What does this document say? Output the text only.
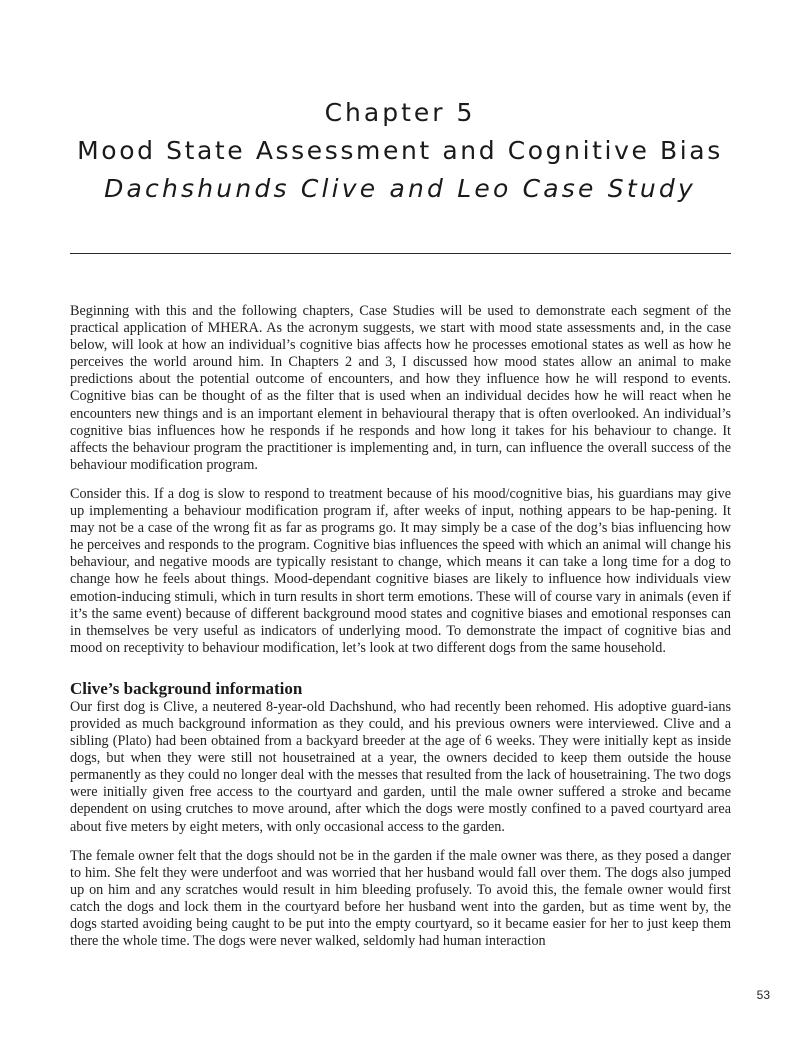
Chapter 5
Mood State Assessment and Cognitive Bias
Dachshunds Clive and Leo Case Study

Beginning with this and the following chapters, Case Studies will be used to demonstrate each segment of the practical application of MHERA. As the acronym suggests, we start with mood state assessments and, in the case below, will look at how an individual’s cognitive bias affects how he processes emotional states as well as how he perceives the world around him. In Chapters 2 and 3, I discussed how mood states allow an animal to make predictions about the potential outcome of encounters, and how they influence how he will respond to events. Cognitive bias can be thought of as the filter that is used when an individual decides how he will react when he encounters new things and is an important element in behavioural therapy that is often overlooked. An individual’s cognitive bias influences how he responds if he responds and how long it takes for his behaviour to change. It affects the behaviour program the practitioner is implementing and, in turn, can influence the overall success of the behaviour modification program.

Consider this. If a dog is slow to respond to treatment because of his mood/cognitive bias, his guardians may give up implementing a behaviour modification program if, after weeks of input, nothing appears to be hap-pening. It may not be a case of the wrong fit as far as programs go. It may simply be a case of the dog’s bias influencing how he perceives and responds to the program. Cognitive bias influences the speed with which an animal will change his behaviour, and negative moods are typically resistant to change, which means it can take a long time for a dog to change how he feels about things. Mood-dependant cognitive biases are likely to influence how individuals view emotion-inducing stimuli, which in turn results in short term emotions. These will of course vary in animals (even if it’s the same event) because of different background mood states and cognitive biases and emotional responses can in themselves be very useful as indicators of underlying mood. To demonstrate the impact of cognitive bias and mood on receptivity to behaviour modification, let’s look at two different dogs from the same household.

Clive’s background information

Our first dog is Clive, a neutered 8-year-old Dachshund, who had recently been rehomed. His adoptive guard-ians provided as much background information as they could, and his previous owners were interviewed. Clive and a sibling (Plato) had been obtained from a backyard breeder at the age of 6 weeks. They were initially kept as inside dogs, but when they were still not housetrained at a year, the owners decided to keep them outside the house permanently as they could no longer deal with the messes that resulted from the lack of housetraining. The two dogs were initially given free access to the courtyard and garden, until the male owner suffered a stroke and became dependent on using crutches to move around, after which the dogs were mostly confined to a paved courtyard area about five meters by eight meters, with only occasional access to the garden.

The female owner felt that the dogs should not be in the garden if the male owner was there, as they posed a danger to him. She felt they were underfoot and was worried that her husband would fall over them. The dogs also jumped up on him and any scratches would result in him bleeding profusely. To avoid this, the female owner would first catch the dogs and lock them in the courtyard before her husband went into the garden, but as time went by, the dogs started avoiding being caught to be put into the empty courtyard, so it became easier for her to just keep them there the whole time. The dogs were never walked, seldomly had human interaction

53
